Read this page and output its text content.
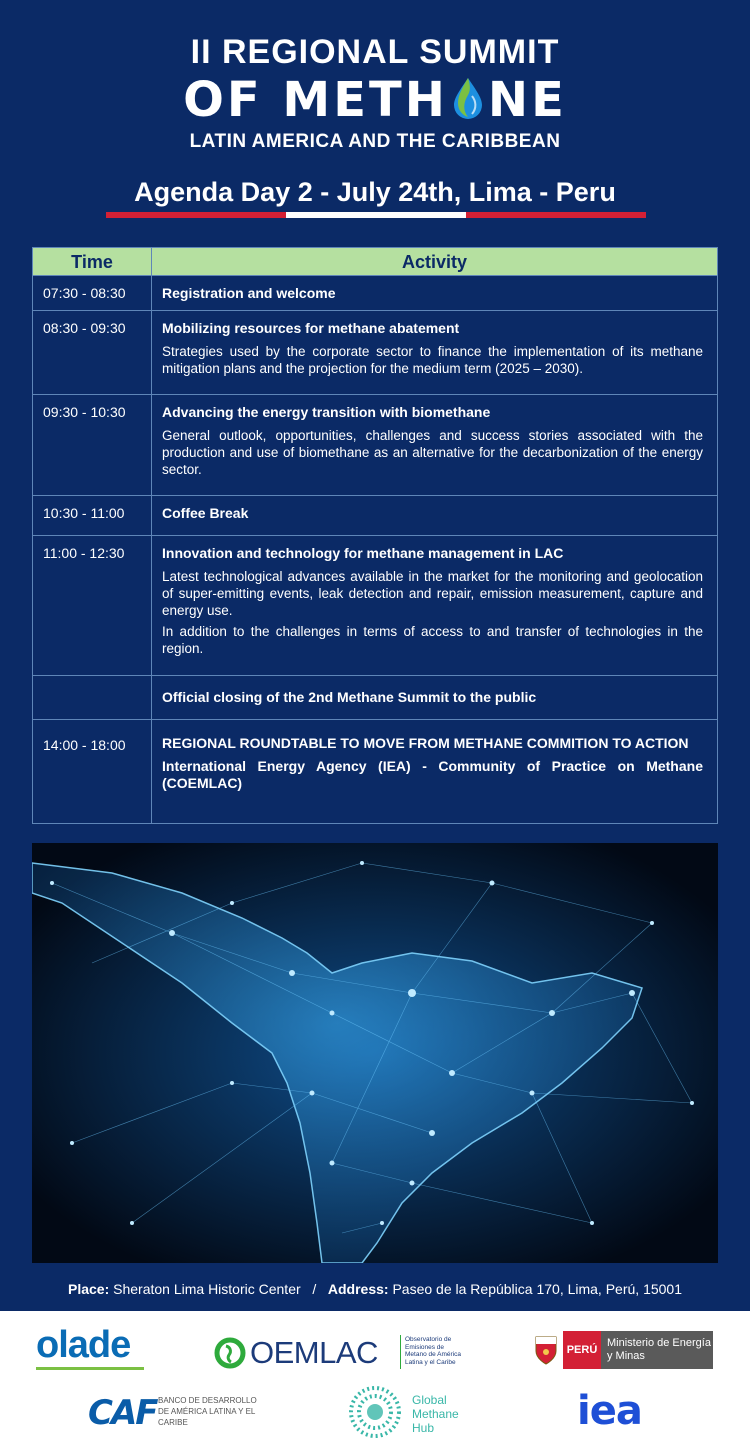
II REGIONAL SUMMIT
OF METH NE
LATIN AMERICA AND THE CARIBBEAN
Agenda Day 2 - July 24th, Lima - Peru
Time	Activity
07:30 - 08:30	Registration and welcome

08:30 - 09:30	Mobilizing resources for methane abatement
Strategies used by the corporate sector to finance the implementation of its methane mitigation plans and the projection for the medium term (2025 – 2030).

09:30 - 10:30	Advancing the energy transition with biomethane
General outlook, opportunities, challenges and success stories associated with the production and use of biomethane as an alternative for the decarbonization of the energy sector.

10:30 - 11:00	Coffee Break

11:00 - 12:30	Innovation and technology for methane management in LAC
Latest technological advances available in the market for the monitoring and geolocation of super-emitting events, leak detection and repair, emission measurement, capture and energy use.
In addition to the challenges in terms of access to and transfer of technologies in the region.

	Official closing of the 2nd Methane Summit to the public

14:00 - 18:00	REGIONAL ROUNDTABLE TO MOVE FROM METHANE COMMITION TO ACTION
International Energy Agency (IEA) - Community of Practice on Methane (COEMLAC)
Place: Sheraton Lima Historic Center / Address: Paseo de la República 170, Lima, Perú, 15001
olade	OEMLAC	Observatorio de Emisiones de Metano de América Latina y el Caribe
PERÚ
Ministerio de Energía y Minas
CAF BANCO DE DESARROLLO DE AMÉRICA LATINA Y EL CARIBE
Global Methane Hub	iea
